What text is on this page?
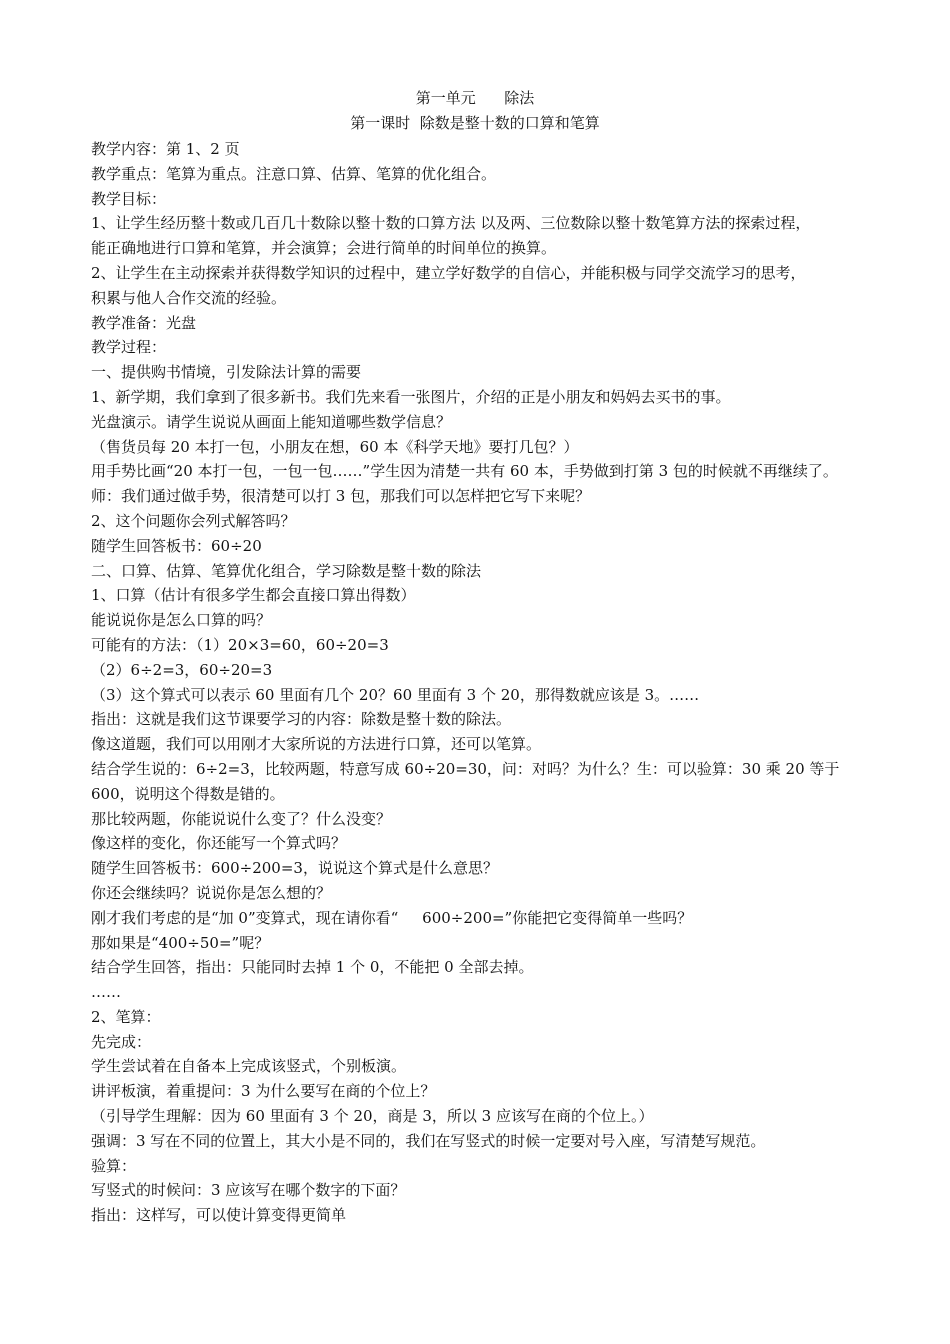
第一单元      除法
第一课时  除数是整十数的口算和笔算
教学内容：第 1、2 页
教学重点：笔算为重点。注意口算、估算、笔算的优化组合。
教学目标：
1、让学生经历整十数或几百几十数除以整十数的口算方法 以及两、三位数除以整十数笔算方法的探索过程，
能正确地进行口算和笔算，并会演算；会进行简单的时间单位的换算。
2、让学生在主动探索并获得数学知识的过程中，建立学好数学的自信心，并能积极与同学交流学习的思考，
积累与他人合作交流的经验。
教学准备：光盘
教学过程：
一、提供购书情境，引发除法计算的需要
1、新学期，我们拿到了很多新书。我们先来看一张图片，介绍的正是小朋友和妈妈去买书的事。
光盘演示。请学生说说从画面上能知道哪些数学信息？
（售货员每 20 本打一包，小朋友在想，60 本《科学天地》要打几包？）
用手势比画“20 本打一包，一包一包……”学生因为清楚一共有 60 本，手势做到打第 3 包的时候就不再继续了。
师：我们通过做手势，很清楚可以打 3 包，那我们可以怎样把它写下来呢？
2、这个问题你会列式解答吗？
随学生回答板书：60÷20
二、口算、估算、笔算优化组合，学习除数是整十数的除法
1、口算（估计有很多学生都会直接口算出得数）
能说说你是怎么口算的吗？
可能有的方法：（1）20×3=60，60÷20=3
（2）6÷2=3，60÷20=3
（3）这个算式可以表示 60 里面有几个 20？60 里面有 3 个 20，那得数就应该是 3。……
指出：这就是我们这节课要学习的内容：除数是整十数的除法。
像这道题，我们可以用刚才大家所说的方法进行口算，还可以笔算。
结合学生说的：6÷2=3，比较两题，特意写成 60÷20=30，问：对吗？为什么？生：可以验算：30 乘 20 等于
600，说明这个得数是错的。
那比较两题，你能说说什么变了？什么没变？
像这样的变化，你还能写一个算式吗？
随学生回答板书：600÷200=3，说说这个算式是什么意思？
你还会继续吗？说说你是怎么想的？
刚才我们考虑的是“加 0”变算式，现在请你看“     600÷200=”你能把它变得简单一些吗？
那如果是“400÷50=”呢？
结合学生回答，指出：只能同时去掉 1 个 0，不能把 0 全部去掉。
……
2、笔算：
先完成：
学生尝试着在自备本上完成该竖式，个别板演。
讲评板演，着重提问：3 为什么要写在商的个位上？
（引导学生理解：因为 60 里面有 3 个 20，商是 3，所以 3 应该写在商的个位上。）
强调：3 写在不同的位置上，其大小是不同的，我们在写竖式的时候一定要对号入座，写清楚写规范。
验算：
写竖式的时候问：3 应该写在哪个数字的下面？
指出：这样写，可以使计算变得更简单
